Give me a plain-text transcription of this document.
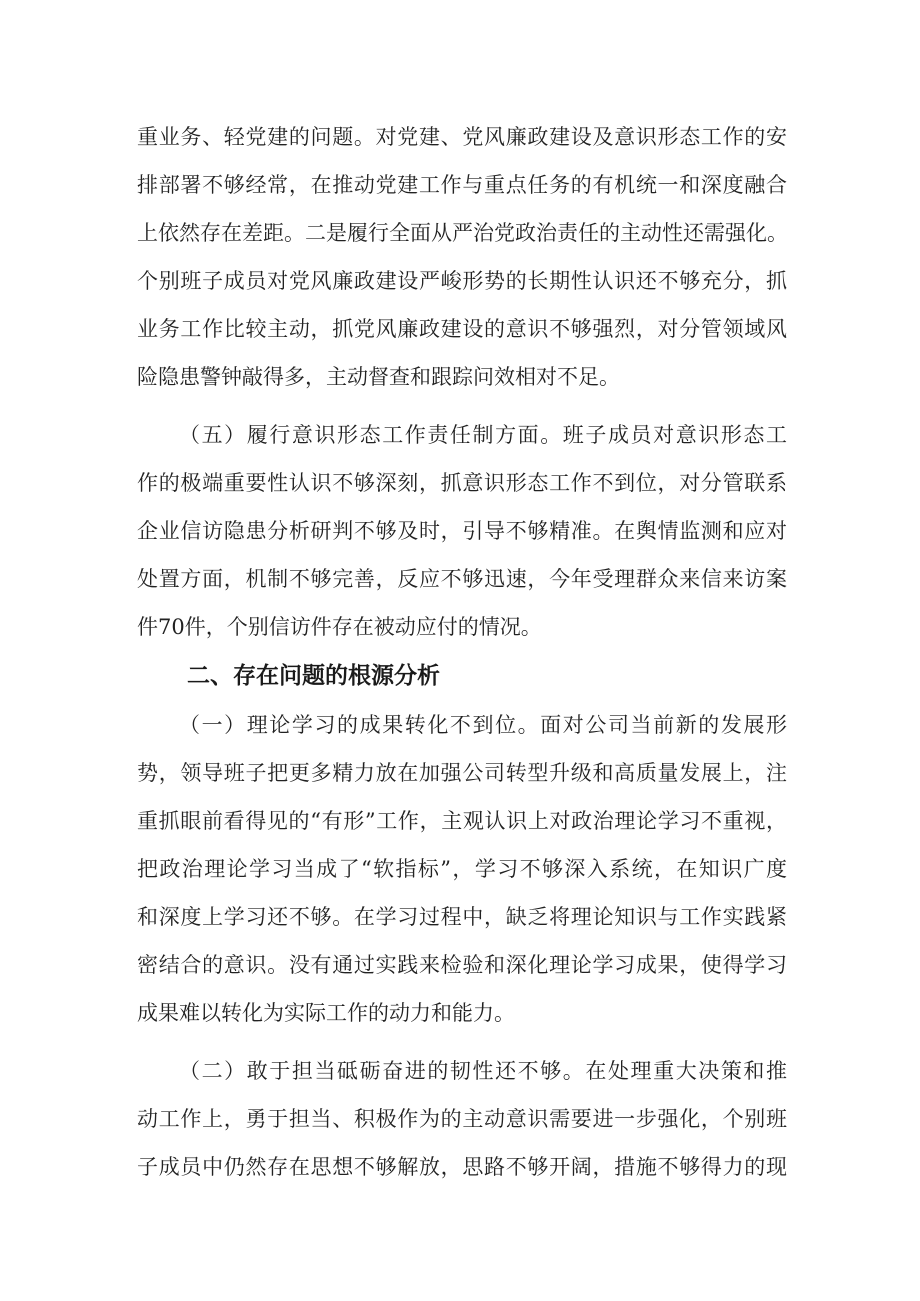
重业务、轻党建的问题。对党建、党风廉政建设及意识形态工作的安
排部署不够经常，在推动党建工作与重点任务的有机统一和深度融合
上依然存在差距。二是履行全面从严治党政治责任的主动性还需强化。
个别班子成员对党风廉政建设严峻形势的长期性认识还不够充分，抓
业务工作比较主动，抓党风廉政建设的意识不够强烈，对分管领域风
险隐患警钟敲得多，主动督查和跟踪问效相对不足。
（五）履行意识形态工作责任制方面。班子成员对意识形态工
作的极端重要性认识不够深刻，抓意识形态工作不到位，对分管联系
企业信访隐患分析研判不够及时，引导不够精准。在舆情监测和应对
处置方面，机制不够完善，反应不够迅速，今年受理群众来信来访案
件70件，个别信访件存在被动应付的情况。
二、存在问题的根源分析
（一）理论学习的成果转化不到位。面对公司当前新的发展形
势，领导班子把更多精力放在加强公司转型升级和高质量发展上，注
重抓眼前看得见的“有形”工作，主观认识上对政治理论学习不重视，
把政治理论学习当成了“软指标”，学习不够深入系统，在知识广度
和深度上学习还不够。在学习过程中，缺乏将理论知识与工作实践紧
密结合的意识。没有通过实践来检验和深化理论学习成果，使得学习
成果难以转化为实际工作的动力和能力。
（二）敢于担当砥砺奋进的韧性还不够。在处理重大决策和推
动工作上，勇于担当、积极作为的主动意识需要进一步强化，个别班
子成员中仍然存在思想不够解放，思路不够开阔，措施不够得力的现
